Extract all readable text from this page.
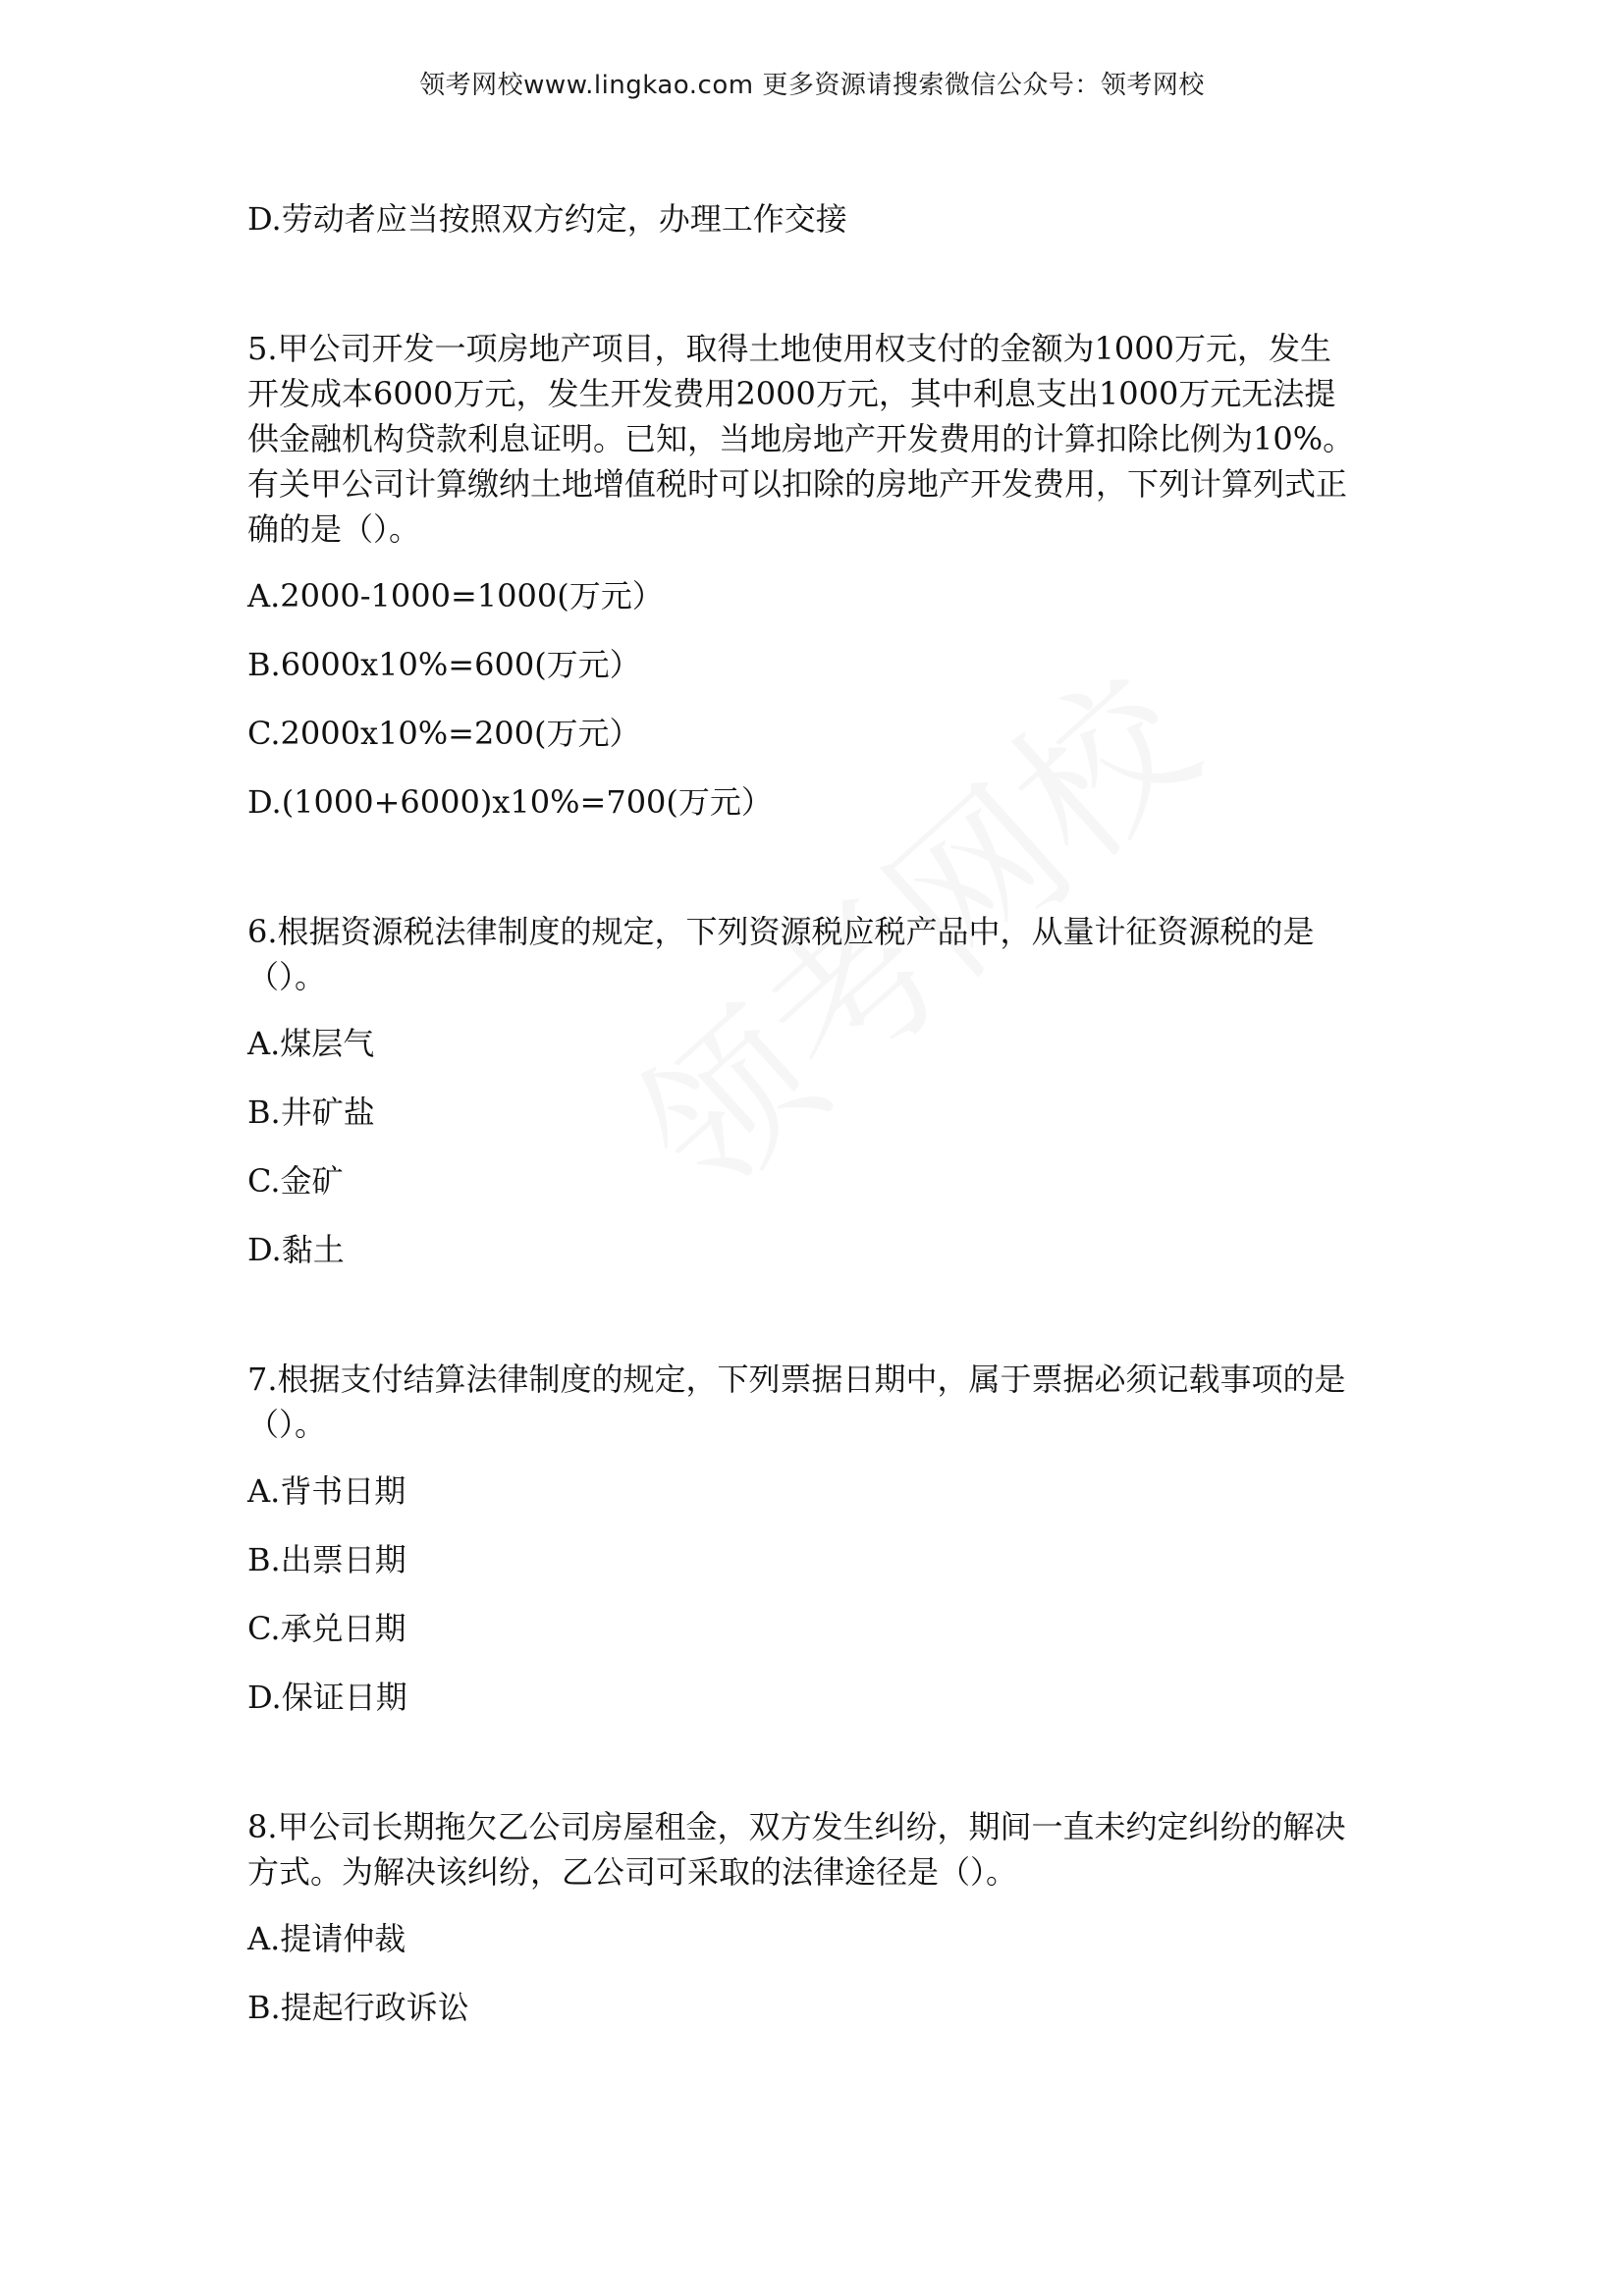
领考网校www.lingkao.com 更多资源请搜索微信公众号：领考网校

D.劳动者应当按照双方约定，办理工作交接

5.甲公司开发一项房地产项目，取得土地使用权支付的金额为1000万元，发生

开发成本6000万元，发生开发费用2000万元，其中利息支出1000万元无法提

供金融机构贷款利息证明。已知，当地房地产开发费用的计算扣除比例为10%。

有关甲公司计算缴纳土地增值税时可以扣除的房地产开发费用，下列计算列式正

确的是（）。

A.2000-1000=1000(万元）

B.6000x10%=600(万元）

C.2000x10%=200(万元）

D.(1000+6000)x10%=700(万元）

6.根据资源税法律制度的规定，下列资源税应税产品中，从量计征资源税的是

（）。

A.煤层气

B.井矿盐

C.金矿

D.黏土

7.根据支付结算法律制度的规定，下列票据日期中，属于票据必须记载事项的是

（）。

A.背书日期

B.出票日期

C.承兑日期

D.保证日期

8.甲公司长期拖欠乙公司房屋租金，双方发生纠纷，期间一直未约定纠纷的解决

方式。为解决该纠纷，乙公司可采取的法律途径是（）。

A.提请仲裁

B.提起行政诉讼
